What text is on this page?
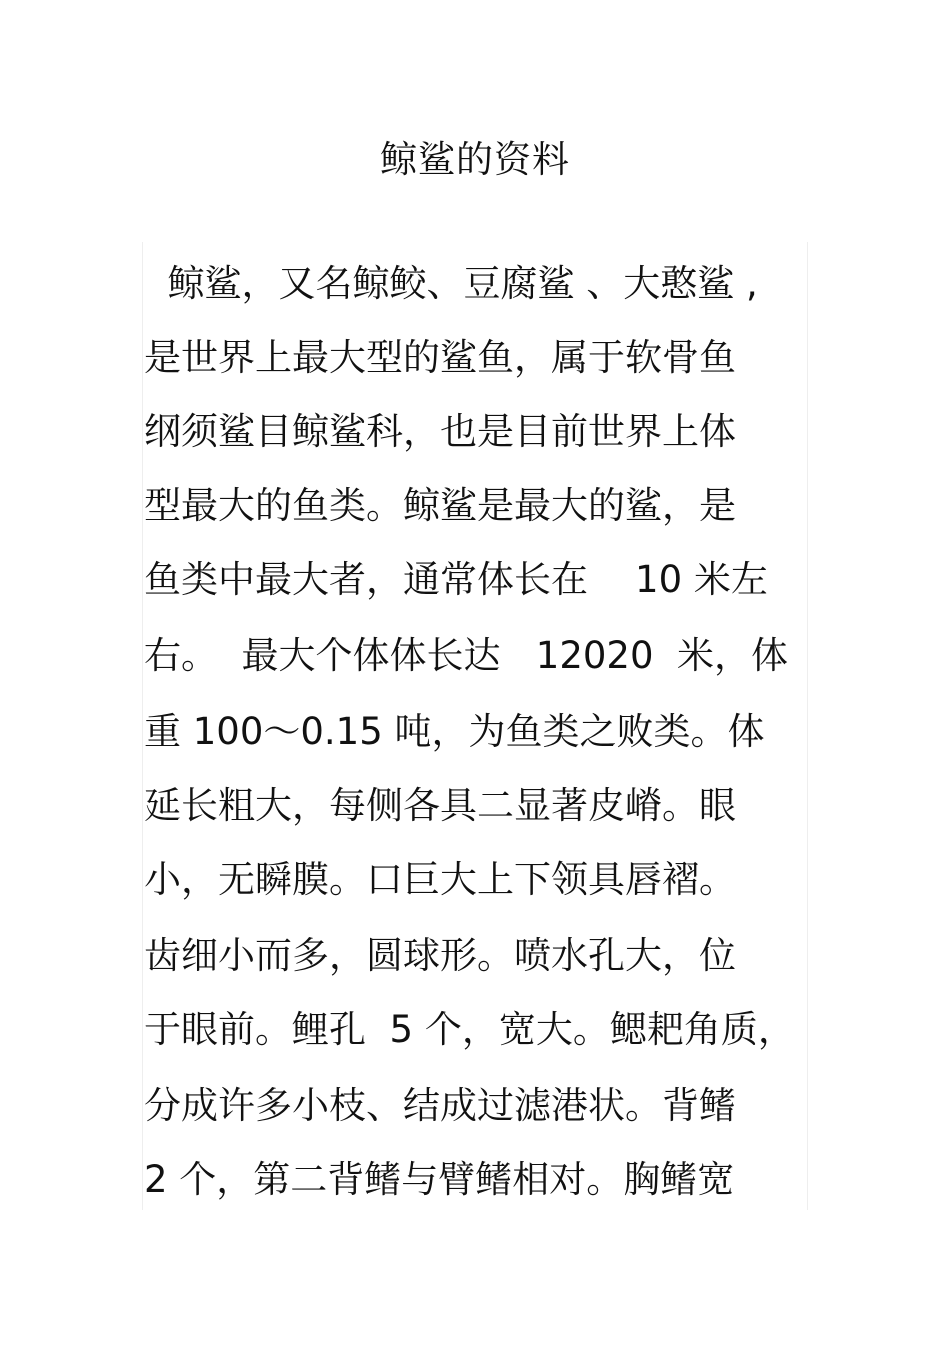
鲸鲨的资料
鲸鲨，又名鲸鲛、豆腐鲨 、大憨鲨 ,
是世界上最大型的鲨鱼，属于软骨鱼
纲须鲨目鲸鲨科，也是目前世界上体
型最大的鱼类。鲸鲨是最大的鲨，是
鱼类中最大者，通常体长在    10 米左
右。  最大个体体长达   12020  米，体
重 100～0.15 吨，为鱼类之败类。体
延长粗大，每侧各具二显著皮嵴。眼
小，无瞬膜。口巨大上下领具唇褶。
齿细小而多，圆球形。喷水孔大，位
于眼前。鲤孔  5 个，宽大。鳃耙角质，
分成许多小枝、结成过滤港状。背鳍
2 个，第二背鳍与臂鳍相对。胸鳍宽
